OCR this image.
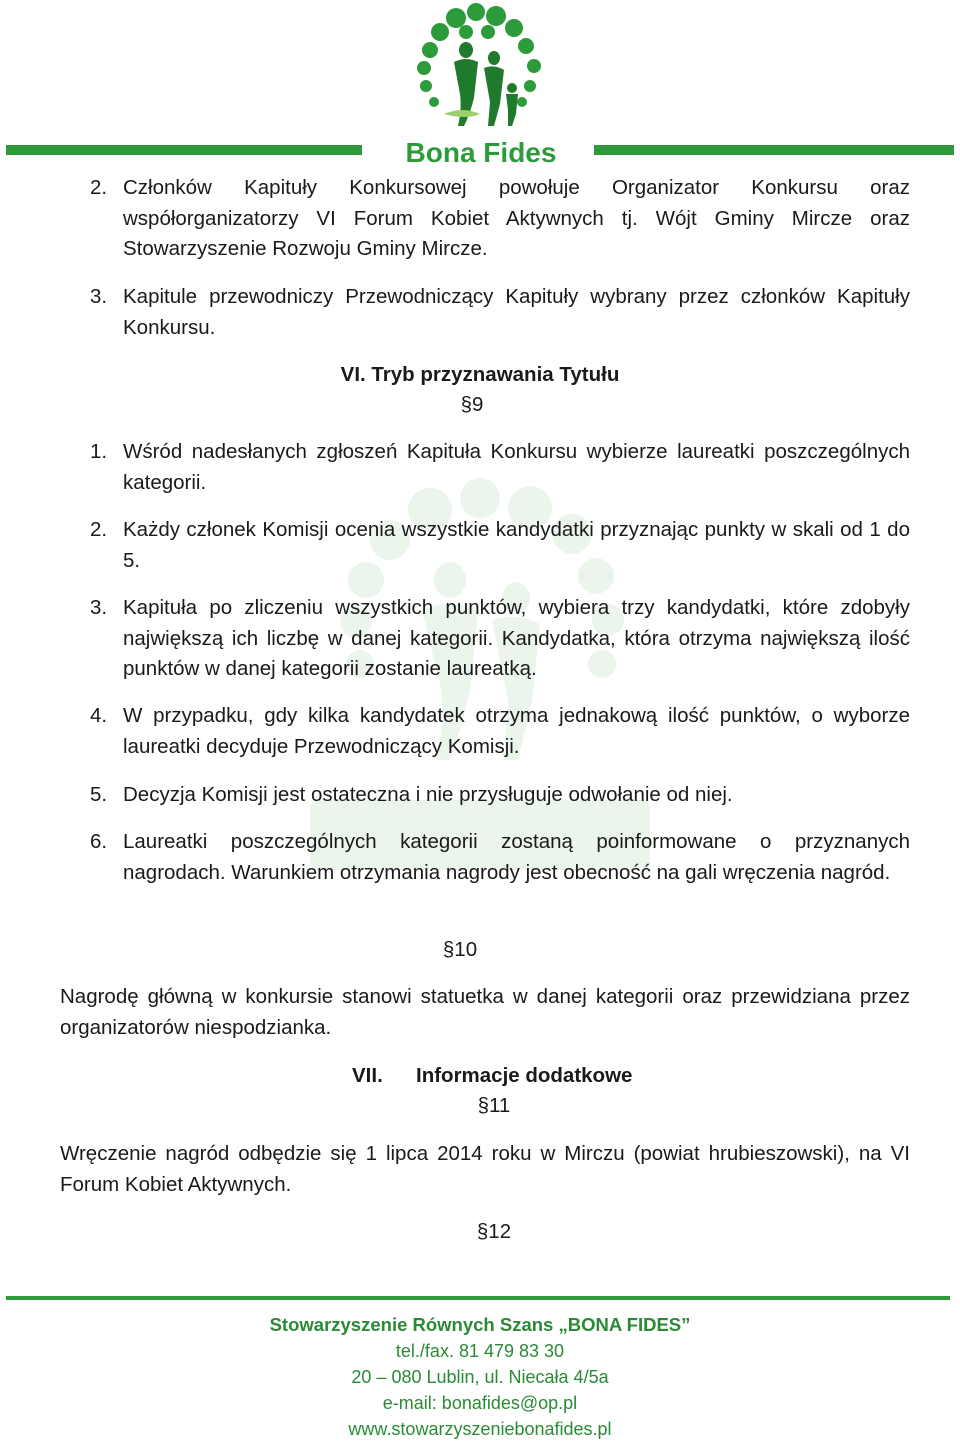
Bona Fides
2. Członków Kapituły Konkursowej powołuje Organizator Konkursu oraz współorganizatorzy VI Forum Kobiet Aktywnych tj. Wójt Gminy Mircze oraz Stowarzyszenie Rozwoju Gminy Mircze.
3. Kapitule przewodniczy Przewodniczący Kapituły wybrany przez członków Kapituły Konkursu.
VI. Tryb przyznawania Tytułu
§9
1. Wśród nadesłanych zgłoszeń Kapituła Konkursu wybierze laureatki poszczególnych kategorii.
2. Każdy członek Komisji ocenia wszystkie kandydatki przyznając punkty w skali od 1 do 5.
3. Kapituła po zliczeniu wszystkich punktów, wybiera trzy kandydatki, które zdobyły największą ich liczbę w danej kategorii. Kandydatka, która otrzyma największą ilość punktów w danej kategorii zostanie laureatką.
4. W przypadku, gdy kilka kandydatek otrzyma jednakową ilość punktów, o wyborze laureatki decyduje Przewodniczący Komisji.
5. Decyzja Komisji jest ostateczna i nie przysługuje odwołanie od niej.
6. Laureatki poszczególnych kategorii zostaną poinformowane o przyznanych nagrodach. Warunkiem otrzymania nagrody jest obecność na gali wręczenia nagród.
§10
Nagrodę główną w konkursie stanowi statuetka w danej kategorii oraz przewidziana przez organizatorów niespodzianka.
VII. Informacje dodatkowe
§11
Wręczenie nagród odbędzie się 1 lipca 2014 roku w Mirczu (powiat hrubieszowski), na VI Forum Kobiet Aktywnych.
§12
Stowarzyszenie Równych Szans „BONA FIDES”
tel./fax. 81 479 83 30
20 – 080 Lublin, ul. Niecała 4/5a
e-mail: bonafides@op.pl
www.stowarzyszeniebonafides.pl
